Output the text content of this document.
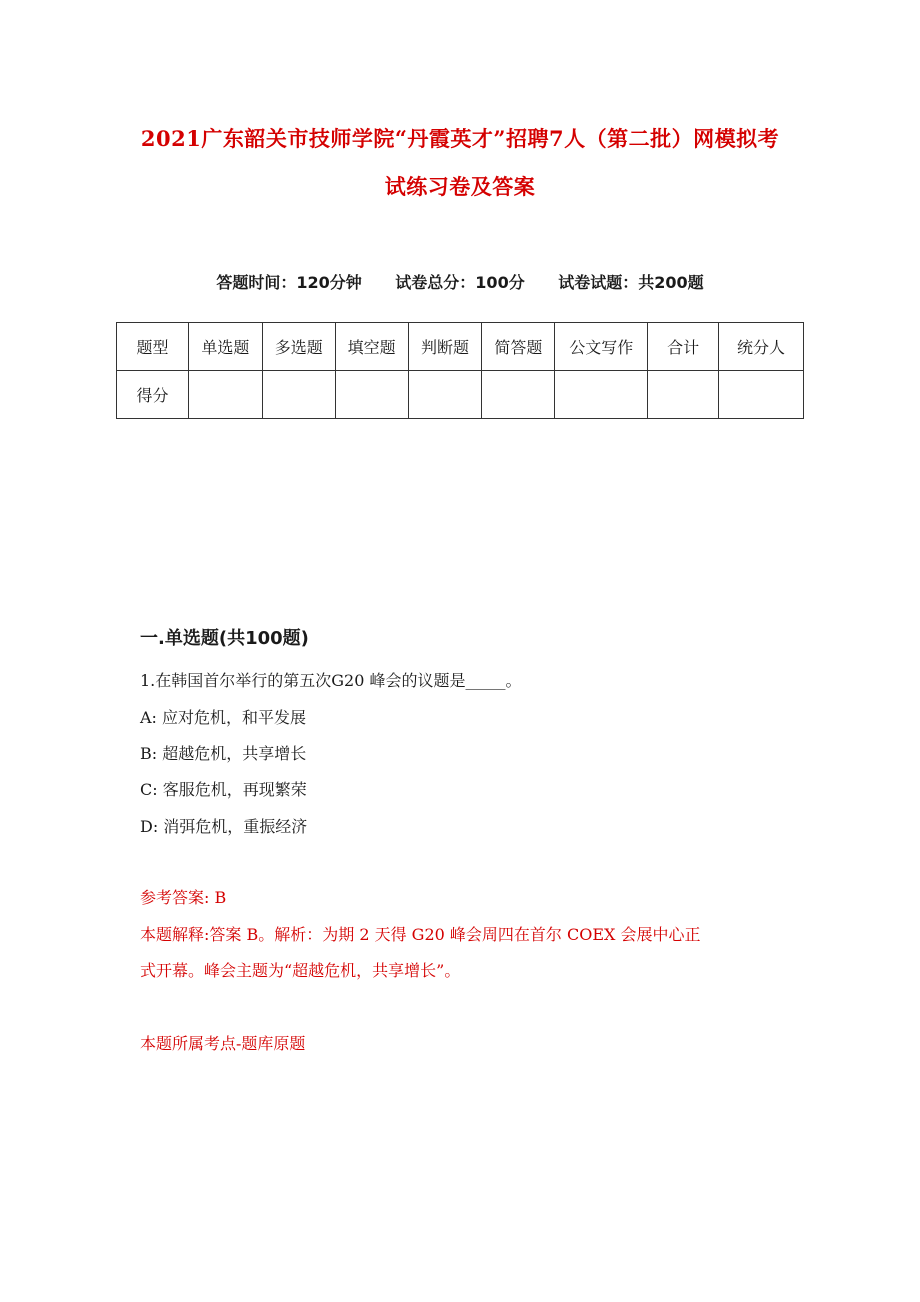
2021广东韶关市技师学院“丹霞英才”招聘7人（第二批）网模拟考
试练习卷及答案
答题时间：120分钟 试卷总分：100分 试卷试题：共200题
题型	单选题	多选题	填空题	判断题	简答题	公文写作	合计	统分人
得分								
一.单选题(共100题)
1.在韩国首尔举行的第五次G20 峰会的议题是_____。
A: 应对危机，和平发展
B: 超越危机，共享增长
C: 客服危机，再现繁荣
D: 消弭危机，重振经济
参考答案: B
本题解释:答案 B。解析：为期 2 天得 G20 峰会周四在首尔 COEX 会展中心正
式开幕。峰会主题为“超越危机，共享增长”。
本题所属考点-题库原题
